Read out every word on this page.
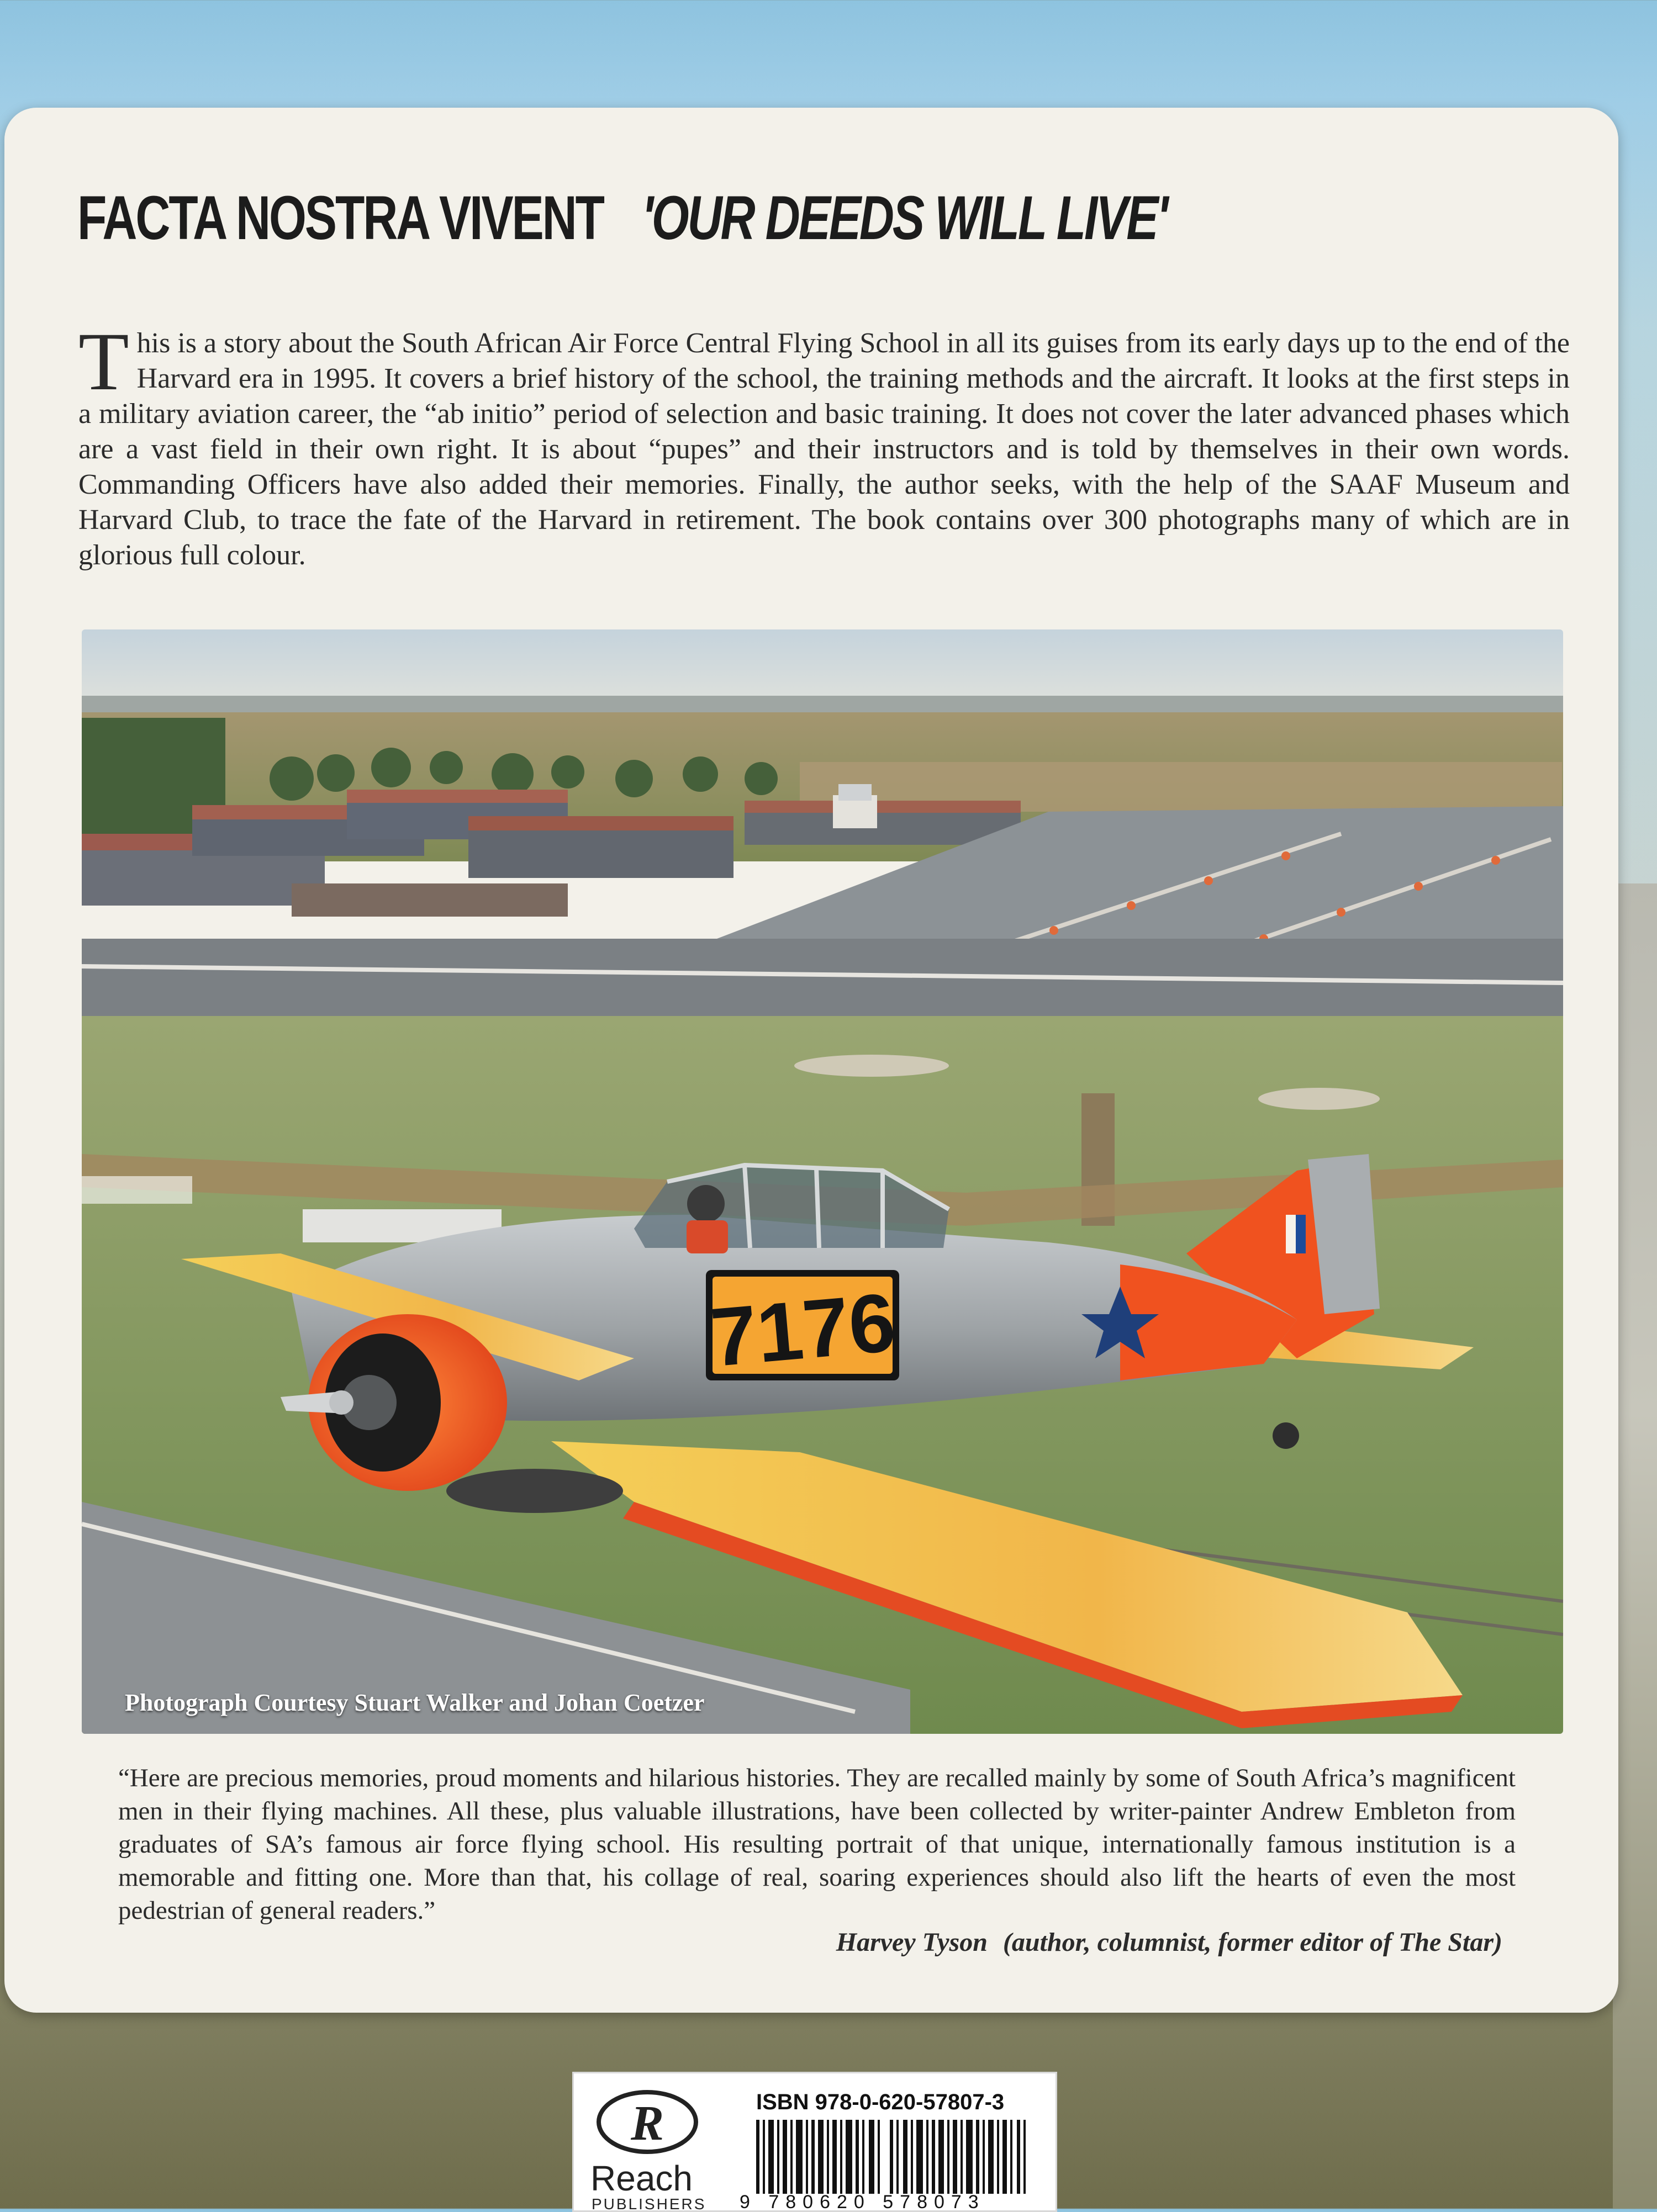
FACTA NOSTRA VIVENT 'OUR DEEDS WILL LIVE'
This is a story about the South African Air Force Central Flying School in all its guises from its early days up to the end of the Harvard era in 1995. It covers a brief history of the school, the training methods and the aircraft. It looks at the first steps in a military aviation career, the “ab initio” period of selection and basic training. It does not cover the later advanced phases which are a vast field in their own right. It is about “pupes” and their instructors and is told by themselves in their own words. Commanding Officers have also added their memories. Finally, the author seeks, with the help of the SAAF Museum and Harvard Club, to trace the fate of the Harvard in retirement. The book contains over 300 photographs many of which are in glorious full colour.
7176
Photograph Courtesy Stuart Walker and Johan Coetzer
“Here are precious memories, proud moments and hilarious histories. They are recalled mainly by some of South Africa’s magnificent men in their flying machines. All these, plus valuable illustrations, have been collected by writer-painter Andrew Embleton from graduates of SA’s famous air force flying school. His resulting portrait of that unique, internationally famous institution is a memorable and fitting one. More than that, his collage of real, soaring experiences should also lift the hearts of even the most pedestrian of general readers.”
Harvey Tyson (author, columnist, former editor of The Star)
R
Reach
PUBLISHERS
ISBN 978-0-620-57807-3
9 780620 578073
